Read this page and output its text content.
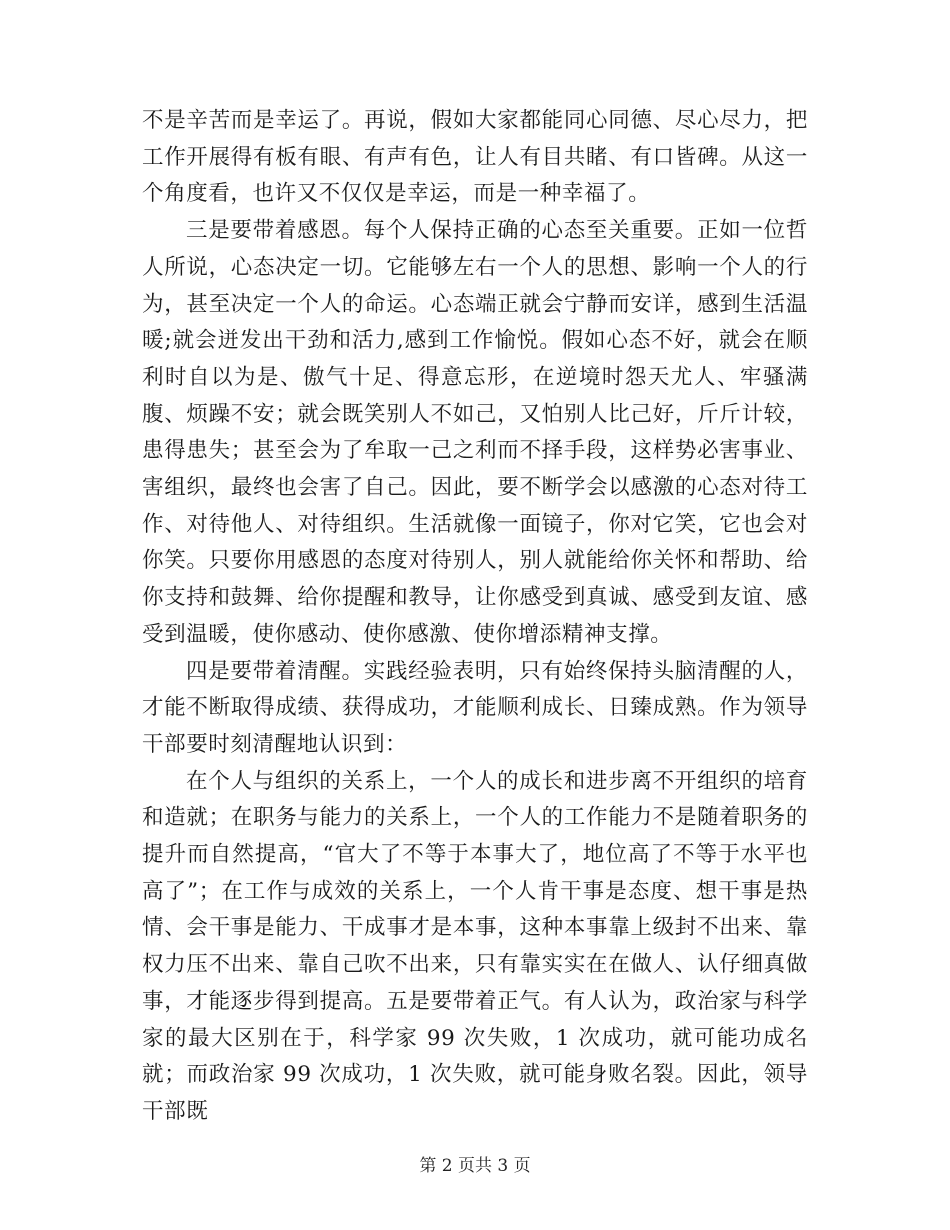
不是辛苦而是幸运了。再说，假如大家都能同心同德、尽心尽力，把工作开展得有板有眼、有声有色，让人有目共睹、有口皆碑。从这一个角度看，也许又不仅仅是幸运，而是一种幸福了。

三是要带着感恩。每个人保持正确的心态至关重要。正如一位哲人所说，心态决定一切。它能够左右一个人的思想、影响一个人的行为，甚至决定一个人的命运。心态端正就会宁静而安详，感到生活温暖;就会迸发出干劲和活力,感到工作愉悦。假如心态不好，就会在顺利时自以为是、傲气十足、得意忘形，在逆境时怨天尤人、牢骚满腹、烦躁不安；就会既笑别人不如己，又怕别人比己好，斤斤计较，患得患失；甚至会为了牟取一己之利而不择手段，这样势必害事业、害组织，最终也会害了自己。因此，要不断学会以感激的心态对待工作、对待他人、对待组织。生活就像一面镜子，你对它笑，它也会对你笑。只要你用感恩的态度对待别人，别人就能给你关怀和帮助、给你支持和鼓舞、给你提醒和教导，让你感受到真诚、感受到友谊、感受到温暖，使你感动、使你感激、使你增添精神支撑。

四是要带着清醒。实践经验表明，只有始终保持头脑清醒的人，才能不断取得成绩、获得成功，才能顺利成长、日臻成熟。作为领导干部要时刻清醒地认识到：

在个人与组织的关系上，一个人的成长和进步离不开组织的培育和造就；在职务与能力的关系上，一个人的工作能力不是随着职务的提升而自然提高，“官大了不等于本事大了，地位高了不等于水平也高了”；在工作与成效的关系上，一个人肯干事是态度、想干事是热情、会干事是能力、干成事才是本事，这种本事靠上级封不出来、靠权力压不出来、靠自己吹不出来，只有靠实实在在做人、认仔细真做事，才能逐步得到提高。五是要带着正气。有人认为，政治家与科学家的最大区别在于，科学家 99 次失败，1 次成功，就可能功成名就；而政治家 99 次成功，1 次失败，就可能身败名裂。因此，领导干部既

第 2 页共 3 页
